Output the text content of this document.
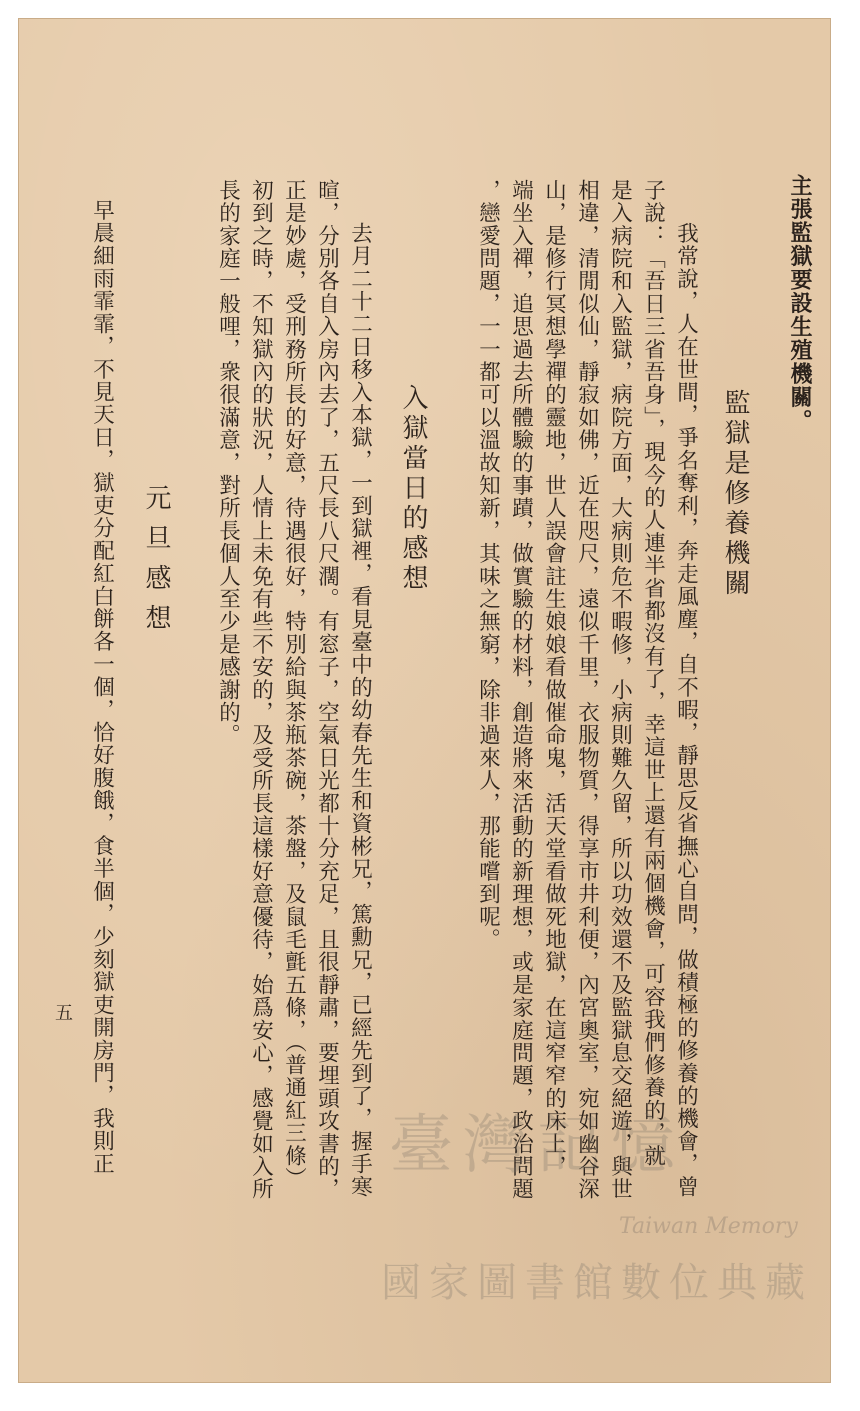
主張監獄要設生殖機關。
監獄是修養機關
我常說，人在世間，爭名奪利，奔走風塵，自不暇，靜思反省撫心自問，做積極的修養的機會，曾
子說：「吾日三省吾身」，現今的人連半省都沒有了，幸這世上還有兩個機會，可容我們修養的，就
是入病院和入監獄，病院方面，大病則危不暇修，小病則難久留，所以功效還不及監獄息交絕遊，與世
相違，清閒似仙，靜寂如佛，近在咫尺，遠似千里，衣服物質，得享市井利便，內宮奧室，宛如幽谷深
山，是修行冥想學禪的靈地，世人誤會註生娘娘看做催命鬼，活天堂看做死地獄，在這窄窄的床上，
端坐入禪，追思過去所體驗的事蹟，做實驗的材料，創造將來活動的新理想，或是家庭問題，政治問題
，戀愛問題，一一都可以溫故知新，其味之無窮，除非過來人，那能嚐到呢。
入獄當日的感想
去月二十二日移入本獄，一到獄裡，看見臺中的幼春先生和資彬兄，篤勳兄，已經先到了，握手寒
暄，分別各自入房內去了，五尺長八尺濶。有窓子，空氣日光都十分充足，且很靜肅，要埋頭攻書的，
正是妙處，受刑務所長的好意，待遇很好，特別給與茶瓶茶碗，茶盤，及鼠毛氈五條，（普通紅三條）
初到之時，不知獄內的狀況，人情上未免有些不安的，及受所長這樣好意優待，始爲安心，感覺如入所
長的家庭一般哩，衆很滿意，對所長個人至少是感謝的。
元旦感想
早晨細雨霏霏，不見天日，獄吏分配紅白餅各一個，恰好腹餓，食半個，少刻獄吏開房門，我則正
五
臺灣記憶
Taiwan Memory
國家圖書館數位典藏
